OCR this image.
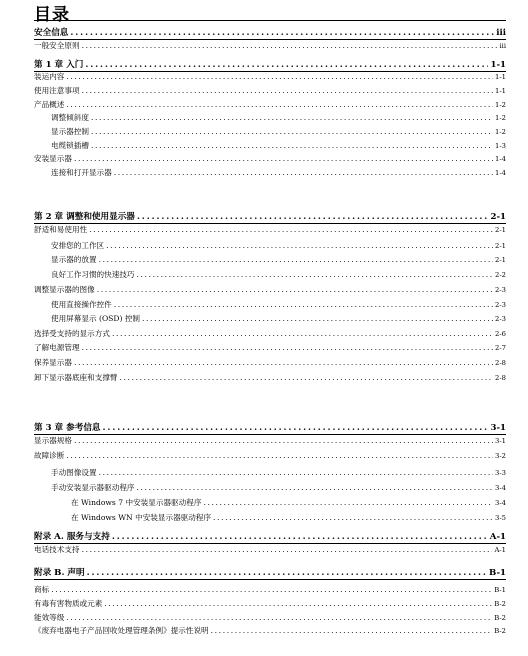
目录
安全信息 .....	iii
一般安全原则 .....	iii
第 1 章 入门 .....	1-1
装运内容 .....	1-1
使用注意事项 .....	1-1
产品概述 .....	1-2
调整倾斜度 .....	1-2
显示器控制 .....	1-2
电缆锁插槽 .....	1-3
安装显示器 .....	1-4
连接和打开显示器 .....	1-4
第 2 章 调整和使用显示器 .....	2-1
舒适和易使用性 .....	2-1
安排您的工作区 .....	2-1
显示器的放置 .....	2-1
良好工作习惯的快速技巧 .....	2-2
调整显示器的图像 .....	2-3
使用直接操作控件 .....	2-3
使用屏幕显示 (OSD) 控制 .....	2-3
选择受支持的显示方式 .....	2-6
了解电源管理 .....	2-7
保养显示器 .....	2-8
卸下显示器底座和支撑臂 .....	2-8
第 3 章 参考信息 .....	3-1
显示器规格 .....	3-1
故障诊断 .....	3-2
手动图像设置 .....	3-3
手动安装显示器驱动程序 .....	3-4
在 Windows 7 中安装显示器驱动程序 .....	3-4
在 Windows WN 中安装显示器驱动程序 .....	3-5
附录 A. 服务与支持 .....	A-1
电话技术支持 .....	A-1
附录 B. 声明 .....	B-1
商标 .....	B-1
有毒有害物质或元素 .....	B-2
能效等级 .....	B-2
《废弃电器电子产品回收处理管理条例》提示性说明 .....	B-2
